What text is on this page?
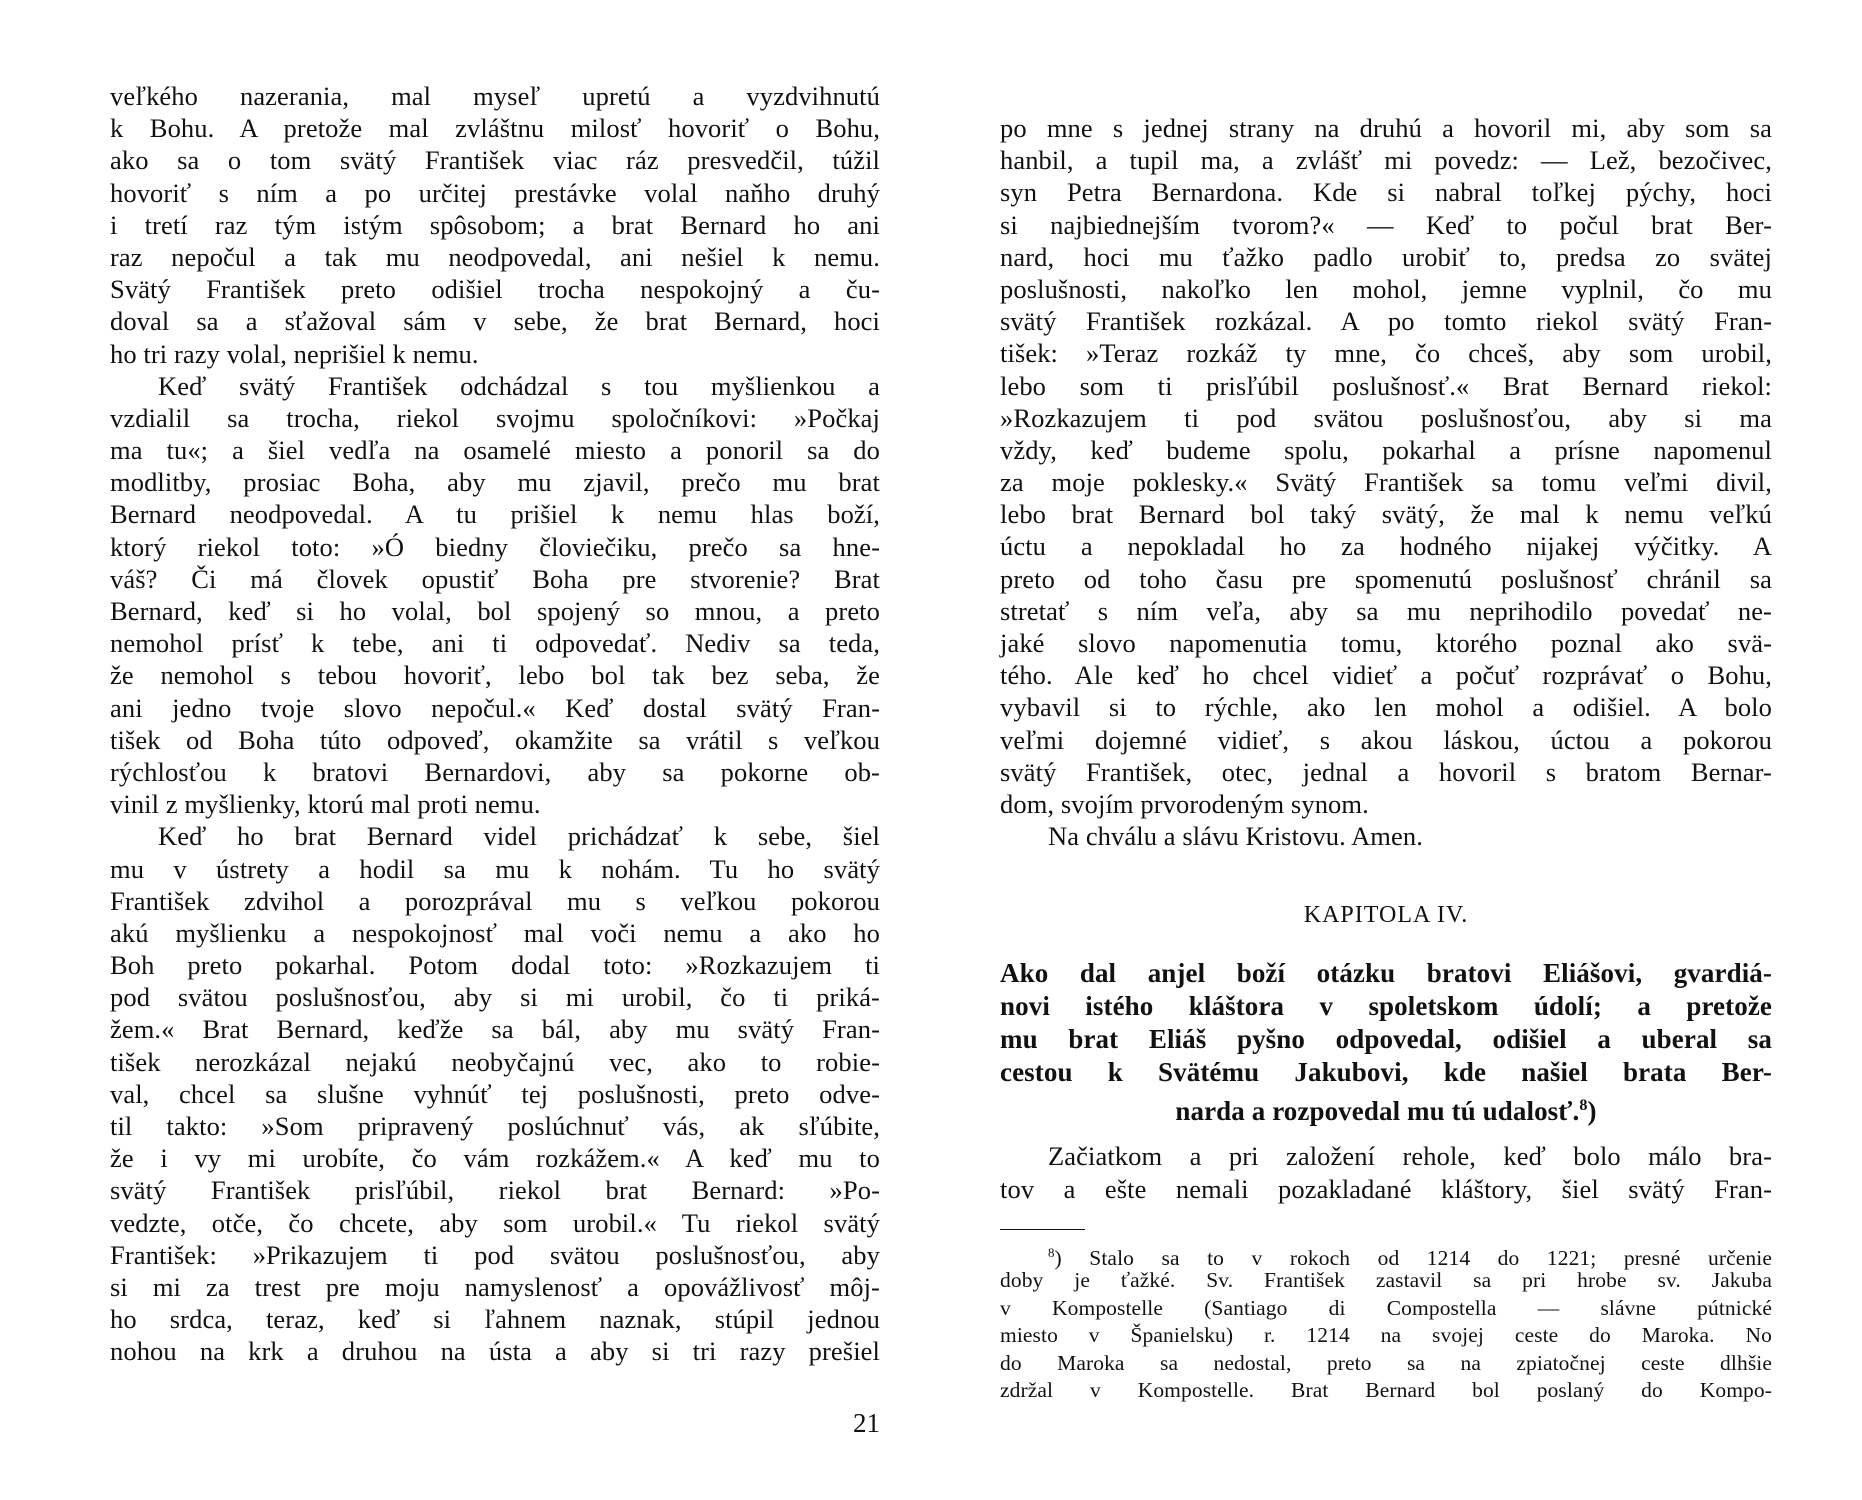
veľkého nazerania, mal myseľ upretú a vyzdvihnutú
k Bohu. A pretože mal zvláštnu milosť hovoriť o Bohu,
ako sa o tom svätý František viac ráz presvedčil, túžil
hovoriť s ním a po určitej prestávke volal naňho druhý
i tretí raz tým istým spôsobom; a brat Bernard ho ani
raz nepočul a tak mu neodpovedal, ani nešiel k nemu.
Svätý František preto odišiel trocha nespokojný a ču-
doval sa a sťažoval sám v sebe, že brat Bernard, hoci
ho tri razy volal, neprišiel k nemu.
Keď svätý František odchádzal s tou myšlienkou a
vzdialil sa trocha, riekol svojmu spoločníkovi: »Počkaj
ma tu«; a šiel vedľa na osamelé miesto a ponoril sa do
modlitby, prosiac Boha, aby mu zjavil, prečo mu brat
Bernard neodpovedal. A tu prišiel k nemu hlas boží,
ktorý riekol toto: »Ó biedny človiečiku, prečo sa hne-
váš? Či má človek opustiť Boha pre stvorenie? Brat
Bernard, keď si ho volal, bol spojený so mnou, a preto
nemohol prísť k tebe, ani ti odpovedať. Nediv sa teda,
že nemohol s tebou hovoriť, lebo bol tak bez seba, že
ani jedno tvoje slovo nepočul.« Keď dostal svätý Fran-
tišek od Boha túto odpoveď, okamžite sa vrátil s veľkou
rýchlosťou k bratovi Bernardovi, aby sa pokorne ob-
vinil z myšlienky, ktorú mal proti nemu.
Keď ho brat Bernard videl prichádzať k sebe, šiel
mu v ústrety a hodil sa mu k nohám. Tu ho svätý
František zdvihol a porozprával mu s veľkou pokorou
akú myšlienku a nespokojnosť mal voči nemu a ako ho
Boh preto pokarhal. Potom dodal toto: »Rozkazujem ti
pod svätou poslušnosťou, aby si mi urobil, čo ti priká-
žem.« Brat Bernard, keďže sa bál, aby mu svätý Fran-
tišek nerozkázal nejakú neobyčajnú vec, ako to robie-
val, chcel sa slušne vyhnúť tej poslušnosti, preto odve-
til takto: »Som pripravený poslúchnuť vás, ak sľúbite,
že i vy mi urobíte, čo vám rozkážem.« A keď mu to
svätý František prisľúbil, riekol brat Bernard: »Po-
vedzte, otče, čo chcete, aby som urobil.« Tu riekol svätý
František: »Prikazujem ti pod svätou poslušnosťou, aby
si mi za trest pre moju namyslenosť a opovážlivosť môj-
ho srdca, teraz, keď si ľahnem naznak, stúpil jednou
nohou na krk a druhou na ústa a aby si tri razy prešiel
21
po mne s jednej strany na druhú a hovoril mi, aby som sa
hanbil, a tupil ma, a zvlášť mi povedz: — Lež, bezočivec,
syn Petra Bernardona. Kde si nabral toľkej pýchy, hoci
si najbiednejším tvorom?« — Keď to počul brat Ber-
nard, hoci mu ťažko padlo urobiť to, predsa zo svätej
poslušnosti, nakoľko len mohol, jemne vyplnil, čo mu
svätý František rozkázal. A po tomto riekol svätý Fran-
tišek: »Teraz rozkáž ty mne, čo chceš, aby som urobil,
lebo som ti prisľúbil poslušnosť.« Brat Bernard riekol:
»Rozkazujem ti pod svätou poslušnosťou, aby si ma
vždy, keď budeme spolu, pokarhal a prísne napomenul
za moje poklesky.« Svätý František sa tomu veľmi divil,
lebo brat Bernard bol taký svätý, že mal k nemu veľkú
úctu a nepokladal ho za hodného nijakej výčitky. A
preto od toho času pre spomenutú poslušnosť chránil sa
stretať s ním veľa, aby sa mu neprihodilo povedať ne-
jaké slovo napomenutia tomu, ktorého poznal ako svä-
tého. Ale keď ho chcel vidieť a počuť rozprávať o Bohu,
vybavil si to rýchle, ako len mohol a odišiel. A bolo
veľmi dojemné vidieť, s akou láskou, úctou a pokorou
svätý František, otec, jednal a hovoril s bratom Bernar-
dom, svojím prvorodeným synom.
Na chválu a slávu Kristovu. Amen.
KAPITOLA IV.
Ako dal anjel boží otázku bratovi Eliášovi, gvardiá-
novi istého kláštora v spoletskom údolí; a pretože
mu brat Eliáš pyšno odpovedal, odišiel a uberal sa
cestou k Svätému Jakubovi, kde našiel brata Ber-
narda a rozpovedal mu tú udalosť.$^8$)
Začiatkom a pri založení rehole, keď bolo málo bra-
tov a ešte nemali pozakladané kláštory, šiel svätý Fran-
$^8$) Stalo sa to v rokoch od 1214 do 1221; presné určenie
doby je ťažké. Sv. František zastavil sa pri hrobe sv. Jakuba
v Kompostelle (Santiago di Compostella — slávne pútnické
miesto v Španielsku) r. 1214 na svojej ceste do Maroka. No
do Maroka sa nedostal, preto sa na zpiatočnej ceste dlhšie
zdržal v Kompostelle. Brat Bernard bol poslaný do Kompo-
